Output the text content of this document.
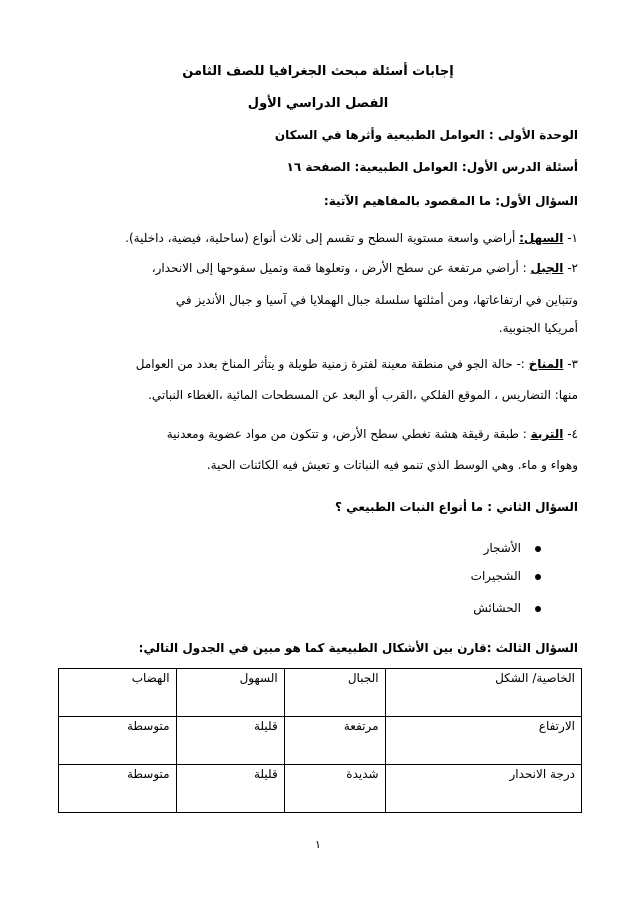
إجابات أسئلة مبحث الجغرافيا للصف الثامن
الفصل الدراسي الأول
الوحدة الأولى : العوامل الطبيعية وأثرها في السكان
أسئلة الدرس الأول: العوامل الطبيعية: الصفحة ١٦
السؤال الأول: ما المقصود بالمفاهيم الآتية:
١- السهل: أراضي واسعة مستوية السطح و تقسم إلى ثلاث أنواع (ساحلية، فيضية، داخلية).
٢- الجبل : أراضي مرتفعة عن سطح الأرض ، وتعلوها قمة وتميل سفوحها إلى الانحدار،
وتتباين في ارتفاعاتها، ومن أمثلتها سلسلة جبال الهملايا في آسيا و جبال الأنديز في
أمريكيا الجنوبية.
٣- المناخ :- حالة الجو في منطقة معينة لفترة زمنية طويلة و يتأثر المناخ بعدد من العوامل
منها: التضاريس ، الموقع الفلكي ،القرب أو البعد عن المسطحات المائية ،الغطاء النباتي.
٤- التربة : طبقة رقيقة هشة تغطي سطح الأرض، و تتكون من مواد عضوية ومعدنية
وهواء و ماء. وهي الوسط الذي تنمو فيه النباتات و تعيش فيه الكائنات الحية.
السؤال الثاني : ما أنواع النبات الطبيعي ؟
الأشجار
الشجيرات
الحشائش
السؤال الثالث :قارن بين الأشكال الطبيعية كما هو مبين في الجدول التالي:
الخاصية/ الشكل	الجبال	السهول	الهضاب
الارتفاع	مرتفعة	قليلة	متوسطة
درجة الانحدار	شديدة	قليلة	متوسطة
١
